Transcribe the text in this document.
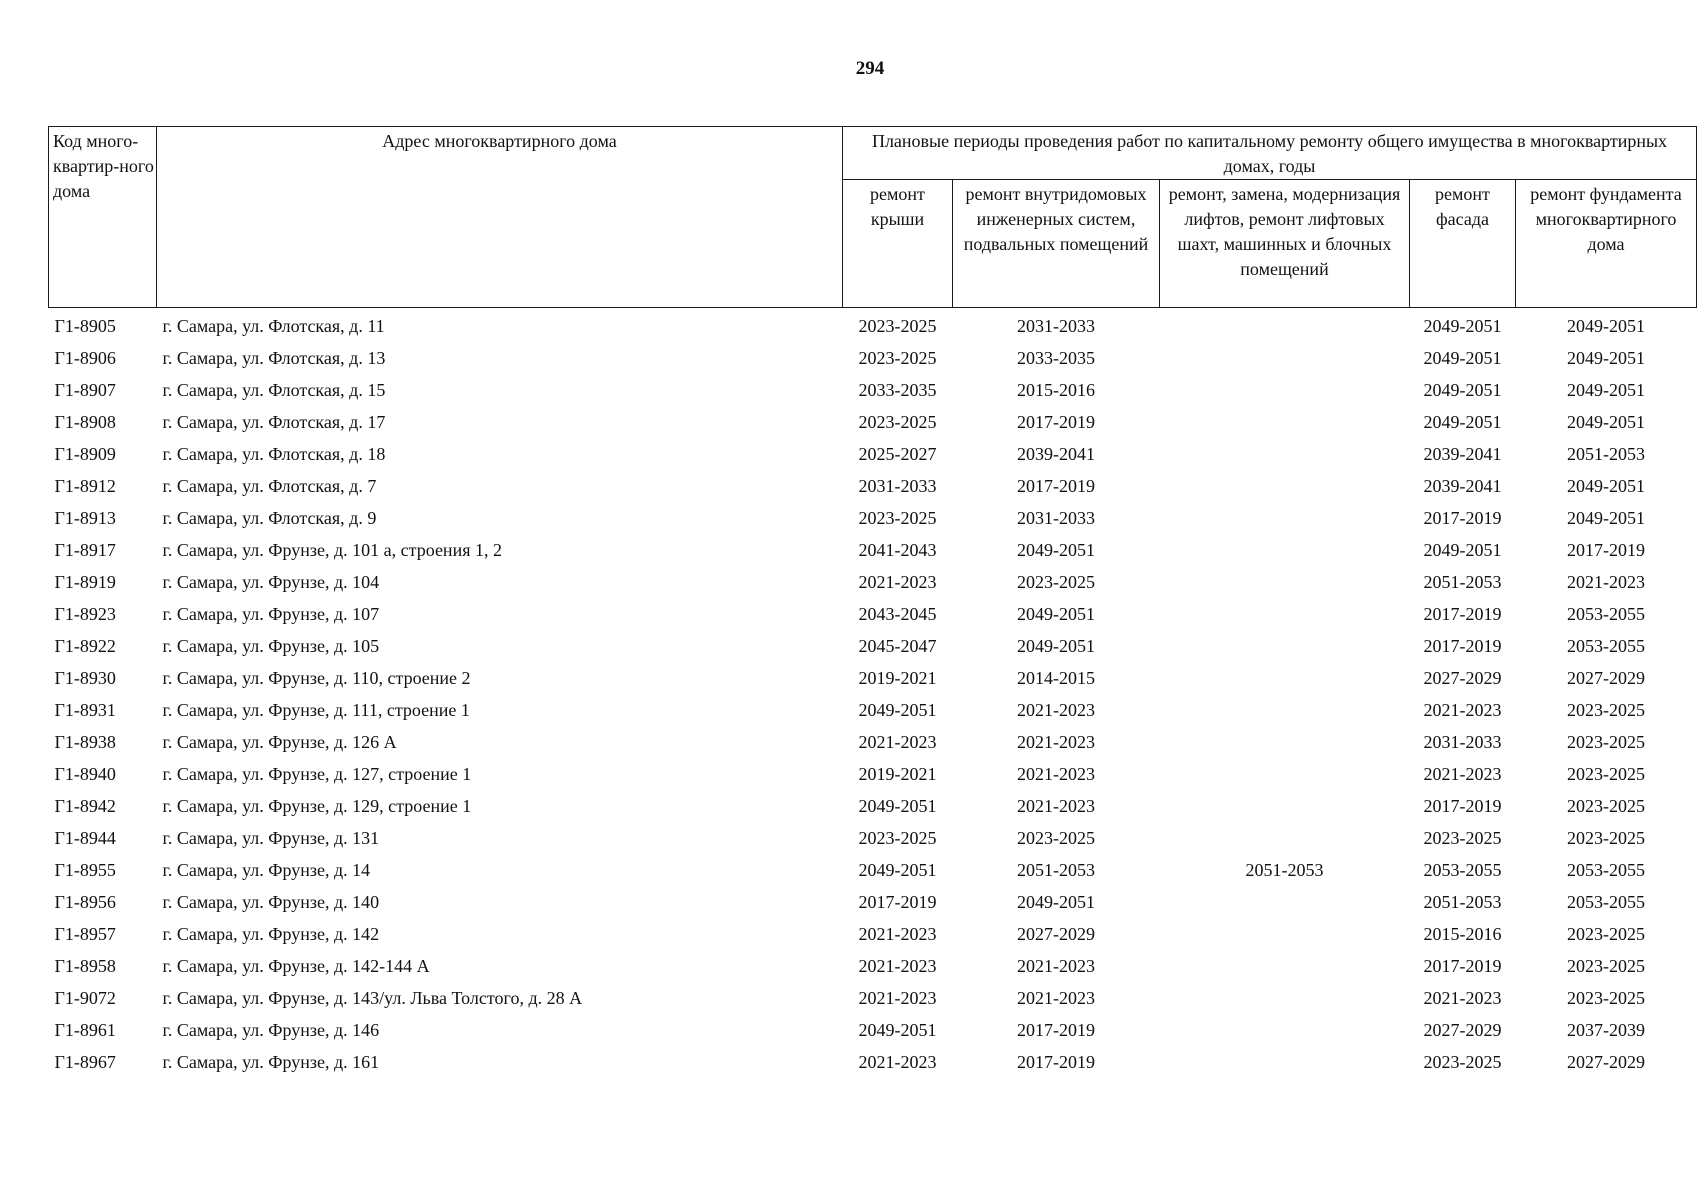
294
Код много-квартир-ного дома	Адрес многоквартирного дома	Плановые периоды проведения работ по капитальному ремонту общего имущества в многоквартирных домах, годы				
		ремонт крыши	ремонт внутридомовых инженерных систем, подвальных помещений	ремонт, замена, модернизация лифтов, ремонт лифтовых шахт, машинных и блочных помещений	ремонт фасада	ремонт фундамента многоквартирного дома
Г1-8905	г. Самара, ул. Флотская, д. 11	2023-2025	2031-2033		2049-2051	2049-2051
Г1-8906	г. Самара, ул. Флотская, д. 13	2023-2025	2033-2035		2049-2051	2049-2051
Г1-8907	г. Самара, ул. Флотская, д. 15	2033-2035	2015-2016		2049-2051	2049-2051
Г1-8908	г. Самара, ул. Флотская, д. 17	2023-2025	2017-2019		2049-2051	2049-2051
Г1-8909	г. Самара, ул. Флотская, д. 18	2025-2027	2039-2041		2039-2041	2051-2053
Г1-8912	г. Самара, ул. Флотская, д. 7	2031-2033	2017-2019		2039-2041	2049-2051
Г1-8913	г. Самара, ул. Флотская, д. 9	2023-2025	2031-2033		2017-2019	2049-2051
Г1-8917	г. Самара, ул. Фрунзе, д. 101 а, строения 1, 2	2041-2043	2049-2051		2049-2051	2017-2019
Г1-8919	г. Самара, ул. Фрунзе, д. 104	2021-2023	2023-2025		2051-2053	2021-2023
Г1-8923	г. Самара, ул. Фрунзе, д. 107	2043-2045	2049-2051		2017-2019	2053-2055
Г1-8922	г. Самара, ул. Фрунзе, д. 105	2045-2047	2049-2051		2017-2019	2053-2055
Г1-8930	г. Самара, ул. Фрунзе, д. 110, строение 2	2019-2021	2014-2015		2027-2029	2027-2029
Г1-8931	г. Самара, ул. Фрунзе, д. 111, строение 1	2049-2051	2021-2023		2021-2023	2023-2025
Г1-8938	г. Самара, ул. Фрунзе, д. 126 А	2021-2023	2021-2023		2031-2033	2023-2025
Г1-8940	г. Самара, ул. Фрунзе, д. 127, строение 1	2019-2021	2021-2023		2021-2023	2023-2025
Г1-8942	г. Самара, ул. Фрунзе, д. 129, строение 1	2049-2051	2021-2023		2017-2019	2023-2025
Г1-8944	г. Самара, ул. Фрунзе, д. 131	2023-2025	2023-2025		2023-2025	2023-2025
Г1-8955	г. Самара, ул. Фрунзе, д. 14	2049-2051	2051-2053	2051-2053	2053-2055	2053-2055
Г1-8956	г. Самара, ул. Фрунзе, д. 140	2017-2019	2049-2051		2051-2053	2053-2055
Г1-8957	г. Самара, ул. Фрунзе, д. 142	2021-2023	2027-2029		2015-2016	2023-2025
Г1-8958	г. Самара, ул. Фрунзе, д. 142-144 А	2021-2023	2021-2023		2017-2019	2023-2025
Г1-9072	г. Самара, ул. Фрунзе, д. 143/ул. Льва Толстого, д. 28 А	2021-2023	2021-2023		2021-2023	2023-2025
Г1-8961	г. Самара, ул. Фрунзе, д. 146	2049-2051	2017-2019		2027-2029	2037-2039
Г1-8967	г. Самара, ул. Фрунзе, д. 161	2021-2023	2017-2019		2023-2025	2027-2029
